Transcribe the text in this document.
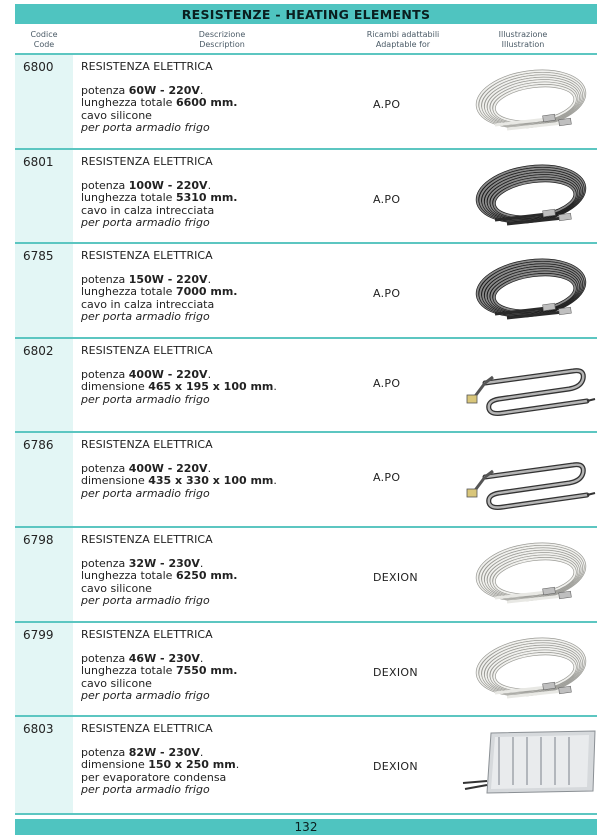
RESISTENZE - HEATING ELEMENTS
Codice
Code
Descrizione
Description
Ricambi adattabili
Adaptable for
Illustrazione
Illustration
6800 RESISTENZA ELETTRICA
potenza 60W - 220V.
lunghezza totale 6600 mm.
cavo silicone
per porta armadio frigo
A.PO
6801 RESISTENZA ELETTRICA
potenza 100W - 220V.
lunghezza totale 5310 mm.
cavo in calza intrecciata
per porta armadio frigo
A.PO
6785 RESISTENZA ELETTRICA
potenza 150W - 220V.
lunghezza totale 7000 mm.
cavo in calza intrecciata
per porta armadio frigo
A.PO
6802 RESISTENZA ELETTRICA
potenza 400W - 220V.
dimensione 465 x 195 x 100 mm.
per porta armadio frigo
A.PO
6786 RESISTENZA ELETTRICA
potenza 400W - 220V.
dimensione 435 x 330 x 100 mm.
per porta armadio frigo
A.PO
6798 RESISTENZA ELETTRICA
potenza 32W - 230V.
lunghezza totale 6250 mm.
cavo silicone
per porta armadio frigo
DEXION
6799 RESISTENZA ELETTRICA
potenza 46W - 230V.
lunghezza totale 7550 mm.
cavo silicone
per porta armadio frigo
DEXION
6803 RESISTENZA ELETTRICA
potenza 82W - 230V.
dimensione 150 x 250 mm.
per evaporatore condensa
per porta armadio frigo
DEXION
132
